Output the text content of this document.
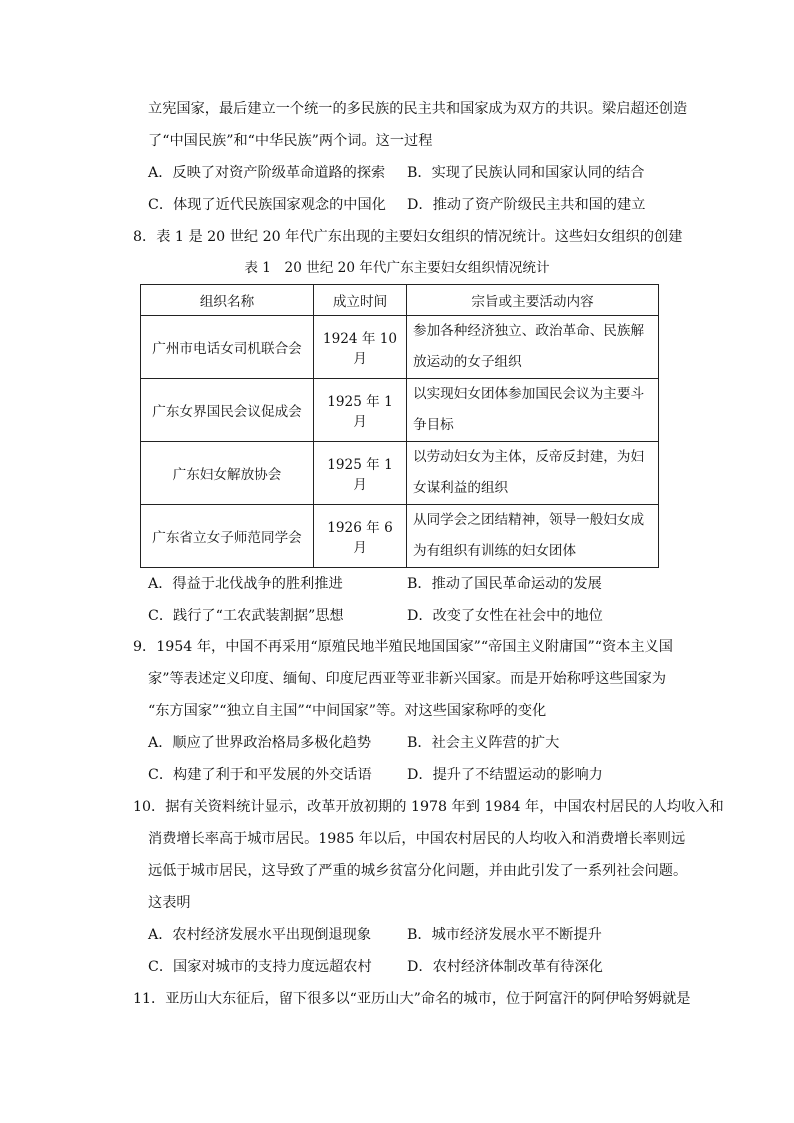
立宪国家，最后建立一个统一的多民族的民主共和国家成为双方的共识。梁启超还创造
了“中国民族”和“中华民族”两个词。这一过程
A．反映了对资产阶级革命道路的探索 B．实现了民族认同和国家认同的结合
C．体现了近代民族国家观念的中国化 D．推动了资产阶级民主共和国的建立
8．表 1 是 20 世纪 20 年代广东出现的主要妇女组织的情况统计。这些妇女组织的创建
表 1　20 世纪 20 年代广东主要妇女组织情况统计
组织名称	成立时间	宗旨或主要活动内容
广州市电话女司机联合会	1924 年 10 月	参加各种经济独立、政治革命、民族解放运动的女子组织
广东女界国民会议促成会	1925 年 1 月	以实现妇女团体参加国民会议为主要斗争目标
广东妇女解放协会	1925 年 1 月	以劳动妇女为主体，反帝反封建，为妇女谋利益的组织
广东省立女子师范同学会	1926 年 6 月	从同学会之团结精神，领导一般妇女成为有组织有训练的妇女团体
A．得益于北伐战争的胜利推进	B．推动了国民革命运动的发展
C．践行了“工农武装割据”思想	D．改变了女性在社会中的地位
9．1954 年，中国不再采用“原殖民地半殖民地国国家”“帝国主义附庸国”“资本主义国
家”等表述定义印度、缅甸、印度尼西亚等亚非新兴国家。而是开始称呼这些国家为
“东方国家”“独立自主国”“中间国家”等。对这些国家称呼的变化
A．顺应了世界政治格局多极化趋势	B．社会主义阵营的扩大
C．构建了利于和平发展的外交话语 D．提升了不结盟运动的影响力
10．据有关资料统计显示，改革开放初期的 1978 年到 1984 年，中国农村居民的人均收入和
消费增长率高于城市居民。1985 年以后，中国农村居民的人均收入和消费增长率则远
远低于城市居民，这导致了严重的城乡贫富分化问题，并由此引发了一系列社会问题。
这表明
A．农村经济发展水平出现倒退现象	B．城市经济发展水平不断提升
C．国家对城市的支持力度远超农村 D．农村经济体制改革有待深化
11．亚历山大东征后，留下很多以“亚历山大”命名的城市，位于阿富汗的阿伊哈努姆就是
